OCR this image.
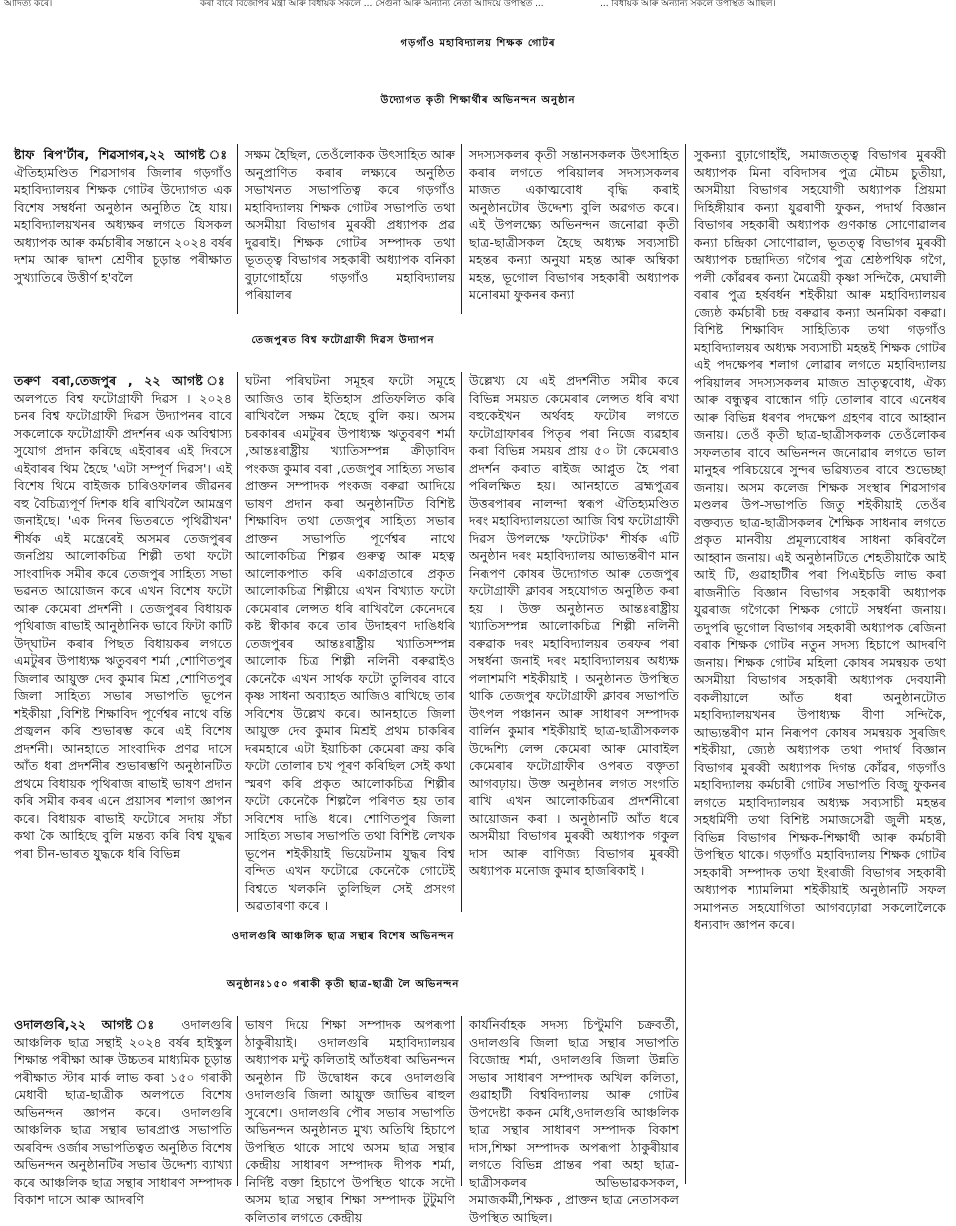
আদিত্য কৰে।	কৰা বাবে বিজেপিৰ মন্ত্ৰী আৰু বিধায়ক সকলে ... সেগুনা আৰু অন্যান্য নেতা আদিয়ে উপস্থিত ...	... বিধায়ক আৰু অন্যান্য সকলে উপস্থিত আছিল।
গড়গাঁও মহাবিদ্যালয় শিক্ষক গোটৰ
উদ্যোগত কৃতী শিক্ষাৰ্থীৰ অভিনন্দন অনুষ্ঠান
ষ্টাফ ৰিপ'ৰ্টাৰ, শিৱসাগৰ,২২ আগষ্ট ঃ ঐতিহ্যমণ্ডিত শিৱসাগৰ জিলাৰ গড়গাঁও মহাবিদ্যালয়ৰ শিক্ষক গোটৰ উদ্যোগত এক বিশেষ সম্বৰ্ধনা অনুষ্ঠান অনুষ্ঠিত হৈ যায়। মহাবিদ্যালয়খনৰ অধ্যক্ষৰ লগতে যিসকল অধ্যাপক আৰু কৰ্মচাৰীৰ সন্তানে ২০২৪ বৰ্ষৰ দশম আৰু দ্বাদশ শ্ৰেণীৰ চূড়ান্ত পৰীক্ষাত সুখ্যাতিৰে উত্তীৰ্ণ হ'বলৈ
সক্ষম হৈছিল, তেওঁলোকক উৎসাহিত আৰু অনুপ্ৰাণিত কৰাৰ লক্ষ্যৰে অনুষ্ঠিত সভাখনত সভাপতিত্ব কৰে গড়গাঁও মহাবিদ্যালয় শিক্ষক গোটৰ সভাপতি তথা অসমীয়া বিভাগৰ মুৰব্বী প্ৰধ্যাপক প্ৰৱ দুৱৰাই। শিক্ষক গোটৰ সম্পাদক তথা ভূতত্ত্ব বিভাগৰ সহকাৰী অধ্যাপক বনিকা বুঢ়াগোহাঁয়ে গড়গাঁও মহাবিদ্যালয় পৰিয়ালৰ
সদস্যসকলৰ কৃতী সন্তানসকলক উৎসাহিত কৰাৰ লগতে পৰিয়ালৰ সদস্যসকলৰ মাজত একাত্মবোধ বৃদ্ধি কৰাই অনুষ্ঠানটোৰ উদ্দেশ্য বুলি অৱগত কৰে। এই উপলক্ষ্যে অভিনন্দন জনোৱা কৃতী ছাত্ৰ-ছাত্ৰীসকল হৈছে অধ্যক্ষ সব্যসাচী মহন্তৰ কন্যা অনুযা মহন্ত আৰু অম্বিকা মহন্ত, ভূগোল বিভাগৰ সহকাৰী অধ্যাপক মনোৰমা ফুকনৰ কন্যা
সুকন্যা বুঢ়াগোহাঁই, সমাজতত্ত্ব বিভাগৰ মুৰব্বী অধ্যাপক মিনা ববিদাসৰ পুত্ৰ মৌচম চুতীয়া, অসমীয়া বিভাগৰ সহযোগী অধ্যাপক প্ৰিয়মা দিহিঙ্গীয়াৰ কন্যা যুৱৰাণী ফুকন, পদাৰ্থ বিজ্ঞান বিভাগৰ সহকাৰী অধ্যাপক গুণকান্ত সোণোৱালৰ কন্যা চন্দ্ৰিকা সোণোৱাল, ভূতত্ত্ব বিভাগৰ মুৰব্বী অধ্যাপক চন্দ্ৰাদিত্য গগৈৰ পুত্ৰ শ্ৰেষ্ঠপথিক গগৈ, পলী কোঁৱৰৰ কন্যা মৈত্ৰেয়ী কৃষ্ণা সন্দিকৈ, মেঘালী বৰাৰ পুত্ৰ হৰ্ষবৰ্ধন শইকীয়া আৰু মহাবিদ্যালয়ৰ জ্যেষ্ঠ কৰ্মচাৰী চন্দ্ৰ বৰুৱাৰ কন্যা অনমিকা বৰুৱা। বিশিষ্ট শিক্ষাবিদ সাহিত্যিক তথা গড়গাঁও মহাবিদ্যালয়ৰ অধ্যক্ষ সব্যসাচী মহন্তই শিক্ষক গোটৰ এই পদক্ষেপৰ শলাগ লোৱাৰ লগতে মহাবিদ্যালয় পৰিয়ালৰ সদস্যসকলৰ মাজত ভ্ৰাতৃত্ববোধ, ঐক্য আৰু বন্ধুত্বৰ বান্ধোন গঢ়ি তোলাৰ বাবে এনেধৰ আৰু বিভিন্ন ধৰণৰ পদক্ষেপ গ্ৰহণৰ বাবে আহ্বান জনায়। তেওঁ কৃতী ছাত্ৰ-ছাত্ৰীসকলক তেওঁলোকৰ সফলতাৰ বাবে অভিনন্দন জনোৱাৰ লগতে ভাল মানুহৰ পৰিচয়েৰে সুন্দৰ ভৱিষ্যতৰ বাবে শুভেচ্ছা জনায়। অসম কলেজ শিক্ষক সংস্থাৰ শিৱসাগৰ মণ্ডলৰ উপ-সভাপতি জিতু শইকীয়াই তেওঁৰ বক্তব্যত ছাত্ৰ-ছাত্ৰীসকলৰ শৈক্ষিক সাধনাৰ লগতে প্ৰকৃত মানবীয় প্ৰমূল্যবোধৰ সাধনা কৰিবলৈ আহ্বান জনায়। এই অনুষ্ঠানটিতে শেহতীয়াকৈ আই আই টি, গুৱাহাটীৰ পৰা পিএইচডি লাভ কৰা ৰাজনীতি বিজ্ঞান বিভাগৰ সহকাৰী অধ্যাপক যুৱৰাজ গগৈকো শিক্ষক গোটে সম্বৰ্ধনা জনায়। তদুপৰি ভূগোল বিভাগৰ সহকাৰী অধ্যাপক ৰেজিনা বৰাক শিক্ষক গোটৰ নতুন সদস্য হিচাপে আদৰণি জনায়। শিক্ষক গোটৰ মহিলা কোষৰ সমন্বয়ক তথা অসমীয়া বিভাগৰ সহকাৰী অধ্যাপক দেবযানী বকলীয়ালে আঁত ধৰা অনুষ্ঠানটোত মহাবিদ্যালয়খনৰ উপাধ্যক্ষ বীণা সন্দিকৈ, আভ্যন্তৰীণ মান নিৰূপণ কোষৰ সমন্বয়ক সুৰজিৎ শইকীয়া, জ্যেষ্ঠ অধ্যাপক তথা পদাৰ্থ বিজ্ঞান বিভাগৰ মুৰব্বী অধ্যাপক দিগন্ত কোঁৱৰ, গড়গাঁও মহাবিদ্যালয় কৰ্মচাৰী গোটৰ সভাপতি বিজু ফুকনৰ লগতে মহাবিদ্যালয়ৰ অধ্যক্ষ সব্যসাচী মহন্তৰ সহধৰ্মিণী তথা বিশিষ্ট সমাজসেৱী জুলী মহন্ত, বিভিন্ন বিভাগৰ শিক্ষক-শিক্ষাৰ্থী আৰু কৰ্মচাৰী উপস্থিত থাকে। গড়গাঁও মহাবিদ্যালয় শিক্ষক গোটৰ সহকাৰী সম্পাদক তথা ইংৰাজী বিভাগৰ সহকাৰী অধ্যাপক শ্যামলিমা শইকীয়াই অনুষ্ঠানটি সফল সমাপনত সহযোগিতা আগবঢ়োৱা সকলোলৈকে ধন্যবাদ জ্ঞাপন কৰে।
তেজপুৰত বিশ্ব ফটোগ্ৰাফী দিৱস উদ্যাপন
তৰুণ বৰা,তেজপুৰ , ২২ আগষ্ট ঃ অলপতে বিশ্ব ফটোগ্ৰাফী দিৱস । ২০২৪ চনৰ বিশ্ব ফটোগ্ৰাফী দিৱস উদ্যাপনৰ বাবে সকলোকে ফটোগ্ৰাফী প্ৰদৰ্শনৰ এক অবিশ্বাস্য সুযোগ প্ৰদান কৰিছে এইবাৰৰ এই দিবসে এইবাৰৰ থিম হৈছে 'এটা সম্পূৰ্ণ দিৱস'। এই বিশেষ থিমে বাইজক চাৰিওফালৰ জীৱনৰ বহু বৈচিত্ৰ্যপূৰ্ণ দিশক ধৰি ৰাখিবলৈ আমন্ত্ৰণ জনাইছে। 'এক দিনৰ ভিতৰতে পৃথিৱীখন' শীৰ্ষক এই মন্ত্ৰেৰেই অসমৰ তেজপুৰৰ জনপ্ৰিয় আলোকচিত্ৰ শিল্পী তথা ফটো সাংবাদিক সমীৰ কৰে তেজপুৰ সাহিত্য সভা ভৱনত আয়োজন কৰে এখন বিশেষ ফটো আৰু কেমেৰা প্ৰদৰ্শনী । তেজপুৰৰ বিধায়ক পৃথিৰাজ ৰাভাই আনুষ্ঠানিক ভাবে ফিটা কাটি উদ্‌ঘাটন কৰাৰ পিছত বিধায়কৰ লগতে এমটুৰৰ উপাধ্যক্ষ ঋতুবৰণ শৰ্মা ,শোণিতপুৰ জিলাৰ আয়ুক্ত দেব কুমাৰ মিশ্ৰ ,শোণিতপুৰ জিলা সাহিত্য সভাৰ সভাপতি ভূপেন শইকীয়া ,বিশিষ্ট শিক্ষাবিদ পূৰ্ণেশ্বৰ নাথে বন্তি প্ৰজ্বলন কৰি শুভাৰম্ভ কৰে এই বিশেষ প্ৰদৰ্শনী। আনহাতে সাংবাদিক প্ৰণৱ দাসে আঁত ধৰা প্ৰদৰ্শনীৰ শুভাৰম্ভণি অনুষ্ঠানটিত প্ৰথমে বিধায়ক পৃথিৰাজ ৰাভাই ভাষণ প্ৰদান কৰি সমীৰ কৰৰ এনে প্ৰয়াসৰ শলাগ জ্ঞাপন কৰে। বিধায়ক ৰাভাই ফটোৰে সদায় সঁচা কথা কৈ আহিছে বুলি মন্তব্য কৰি বিশ্ব যুদ্ধৰ পৰা চীন-ভাৰত যুদ্ধকে ধৰি বিভিন্ন
ঘটনা পৰিঘটনা সমূহৰ ফটো সমূহে আজিও তাৰ ইতিহাস প্ৰতিফলিত কৰি ৰাখিবলৈ সক্ষম হৈছে বুলি কয়। অসম চৰকাৰৰ এমটুৰৰ উপাধ্যক্ষ ঋতুবৰণ শৰ্মা ,আন্তঃৰাষ্ট্ৰীয় খ্যাতিসম্পন্ন ক্ৰীড়াবিদ পংকজ কুমাৰ বৰা ,তেজপুৰ সাহিত্য সভাৰ প্ৰাক্তন সম্পাদক পংকজ বৰুৱা আদিয়ে ভাষণ প্ৰদান কৰা অনুষ্ঠানটিত বিশিষ্ট শিক্ষাবিদ তথা তেজপুৰ সাহিত্য সভাৰ প্ৰাক্তন সভাপতি পূৰ্ণেশ্বৰ নাথে আলোকচিত্ৰ শিল্পৰ গুৰুত্ব আৰু মহত্ব আলোকপাত কৰি একাগ্ৰতাৰে প্ৰকৃত আলোকচিত্ৰ শিল্পীয়ে এখন বিখ্যাত ফটো কেমেৰাৰ লেন্সত ধৰি ৰাখিবলৈ কেনেদৰে কষ্ট স্বীকাৰ কৰে তাৰ উদাহৰণ দাঙিধৰি তেজপুৰৰ আন্তঃৰাষ্ট্ৰীয় খ্যাতিসম্পন্ন আলোক চিত্ৰ শিল্পী নলিনী বৰুৱাইও কেনেকৈ এখন সাৰ্থক ফটো তুলিবৰ বাবে কৃষ্ণ সাধনা অব্যাহত আজিও ৰাখিছে তাৰ সবিশেষ উল্লেখ কৰে। আনহাতে জিলা আয়ুক্ত দেব কুমাৰ মিশ্ৰই প্ৰথম চাকৰিৰ দৰমহাৰে এটা ইয়াচিকা কেমেৰা ক্ৰয় কৰি ফটো তোলাৰ চখ পূৰণ কৰিছিল সেই কথা স্মৰণ কৰি প্ৰকৃত আলোকচিত্ৰ শিল্পীৰ ফটো কেনেকৈ শিল্পলৈ পৰিণত হয় তাৰ সবিশেষ দাঙি ধৰে। শোণিতপুৰ জিলা সাহিত্য সভাৰ সভাপতি তথা বিশিষ্ট লেখক ভূপেন শইকীয়াই ভিয়েটনাম যুদ্ধৰ বিশ্ব বন্দিত এখন ফটোৱে কেনেকৈ গোটেই বিশ্বতে খলকনি তুলিছিল সেই প্ৰসংগ অৱতাৰণা কৰে ।
উল্লেখ্য যে এই প্ৰদৰ্শনীত সমীৰ কৰে বিভিন্ন সময়ত কেমেৰাৰ লেন্সত ধৰি ৰখা বহুকেইখন অৰ্থবহ ফটোৰ লগতে ফটোগ্ৰাফাৰৰ পিতৃৰ পৰা নিজে ব্যৱহাৰ কৰা বিভিন্ন সময়ৰ প্ৰায় ৫০ টা কেমেৰাও প্ৰদৰ্শন কৰাত ৰাইজ আপ্লুত হৈ পৰা পৰিলক্ষিত হয়। আনহাতে ব্ৰহ্মপুত্ৰৰ উত্তৰপাৰৰ নালন্দা স্বৰূপ ঐতিহ্যমণ্ডিত দৰং মহাবিদ্যালয়তো আজি বিশ্ব ফটোগ্ৰাফী দিৱস উপলক্ষে 'ফটোটক' শীৰ্ষক এটি অনুষ্ঠান দৰং মহাবিদ্যালয় আভ্যন্তৰীণ মান নিৰূপণ কোষৰ উদ্যোগত আৰু তেজপুৰ ফটোগ্ৰাফী ক্লাবৰ সহযোগত অনুষ্ঠিত কৰা হয় । উক্ত অনুষ্ঠানত আন্তঃৰাষ্ট্ৰীয় খ্যাতিসম্পন্ন আলোকচিত্ৰ শিল্পী নলিনী বৰুৱাক দৰং মহাবিদ্যালয়ৰ তৰফৰ পৰা সম্বৰ্ধনা জনাই দৰং মহাবিদ্যালয়ৰ অধ্যক্ষ পলাশমণি শইকীয়াই । অনুষ্ঠানত উপস্থিত থাকি তেজপুৰ ফটোগ্ৰাফী ক্লাবৰ সভাপতি উৎপল পঞ্চানন আৰু সাধাৰণ সম্পাদক বাৰ্লিন কুমাৰ শইকীয়াই ছাত্ৰ-ছাত্ৰীসকলক উদ্দেশ্যি লেন্স কেমেৰা আৰু মোবাইল কেমেৰাৰ ফটোগ্ৰাফীৰ ওপৰত বক্তৃতা আগবঢ়ায়। উক্ত অনুষ্ঠানৰ লগত সংগতি ৰাখি এখন আলোকচিত্ৰৰ প্ৰদৰ্শনীৰো আয়োজন কৰা । অনুষ্ঠানটি আঁত ধৰে অসমীয়া বিভাগৰ মুৰব্বী অধ্যাপক গকুল দাস আৰু বাণিজ্য বিভাগৰ মুৰব্বী অধ্যাপক মনোজ কুমাৰ হাজৰিকাই ।
ওদালগুৰি আঞ্চলিক ছাত্ৰ সন্থাৰ বিশেষ অভিনন্দন
অনুষ্ঠানঃ১৫০ গৰাকী কৃতী ছাত্ৰ-ছাত্ৰী লৈ অভিনন্দন
ওদালগুৰি,২২ আগষ্ট ঃ ওদালগুৰি আঞ্চলিক ছাত্ৰ সন্থাই ২০২৪ বৰ্ষৰ হাইস্কুল শিক্ষান্ত পৰীক্ষা আৰু উচ্চতৰ মাধ্যমিক চূড়ান্ত পৰীক্ষাত স্টাৰ মাৰ্ক লাভ কৰা ১৫০ গৰাকী মেধাবী ছাত্ৰ-ছাত্ৰীক অলপতে বিশেষ অভিনন্দন জ্ঞাপন কৰে। ওদালগুৰি আঞ্চলিক ছাত্ৰ সন্থাৰ ভাৰপ্ৰাপ্ত সভাপতি অৰবিন্দ ওৰ্জাৰ সভাপতিত্বত অনুষ্ঠিত বিশেষ অভিনন্দন অনুষ্ঠানটিৰ সভাৰ উদ্দেশ্য ব্যাখ্যা কৰে আঞ্চলিক ছাত্ৰ সন্থাৰ সাধাৰণ সম্পাদক বিকাশ দাসে আৰু আদৰণি
ভাষণ দিয়ে শিক্ষা সম্পাদক অপৰূপা ঠাকুৰীয়াই। ওদালগুৰি মহাবিদ্যালয়ৰ অধ্যাপক মন্টু কলিতাই আঁতধৰা অভিনন্দন অনুষ্ঠান টি উদ্বোধন কৰে ওদালগুৰি ওদালগুৰি জিলা আয়ুক্ত জাভিৰ ৰাহুল সুৰেশে। ওদালগুৰি পৌৰ সভাৰ সভাপতি অভিনন্দন অনুষ্ঠানত মুখ্য অতিথি হিচাপে উপস্থিত থাকে সাথে অসম ছাত্ৰ সন্থাৰ কেন্দ্ৰীয় সাধাৰণ সম্পাদক দীপক শৰ্মা, নিৰ্দিষ্ট বক্তা হিচাপে উপস্থিত থাকে সদৌ অসম ছাত্ৰ সন্থাৰ শিক্ষা সম্পাদক টুটুমণি কলিতাৰ লগতে কেন্দ্ৰীয়
কাৰ্যনিৰ্বাহক সদস্য চিণ্টুমণি চক্ৰবৰ্তী, ওদালগুৰি জিলা ছাত্ৰ সন্থাৰ সভাপতি বিজোন্দ্ৰ শৰ্মা, ওদালগুৰি জিলা উন্নতি সভাৰ সাধাৰণ সম্পাদক অখিল কলিতা, গুৱাহাটী বিশ্ববিদ্যালয় আৰু গোটৰ উপদেষ্টা ককন মেধি,ওদালগুৰি আঞ্চলিক ছাত্ৰ সন্থাৰ সাধাৰণ সম্পাদক বিকাশ দাস,শিক্ষা সম্পাদক অপৰূপা ঠাকুৰীয়াৰ লগতে বিভিন্ন প্ৰান্তৰ পৰা অহা ছাত্ৰ-ছাত্ৰীসকলৰ অভিভাৱকসকল, সমাজকৰ্মী,শিক্ষক , প্ৰাক্তন ছাত্ৰ নেতাসকল উপস্থিত আছিল।
